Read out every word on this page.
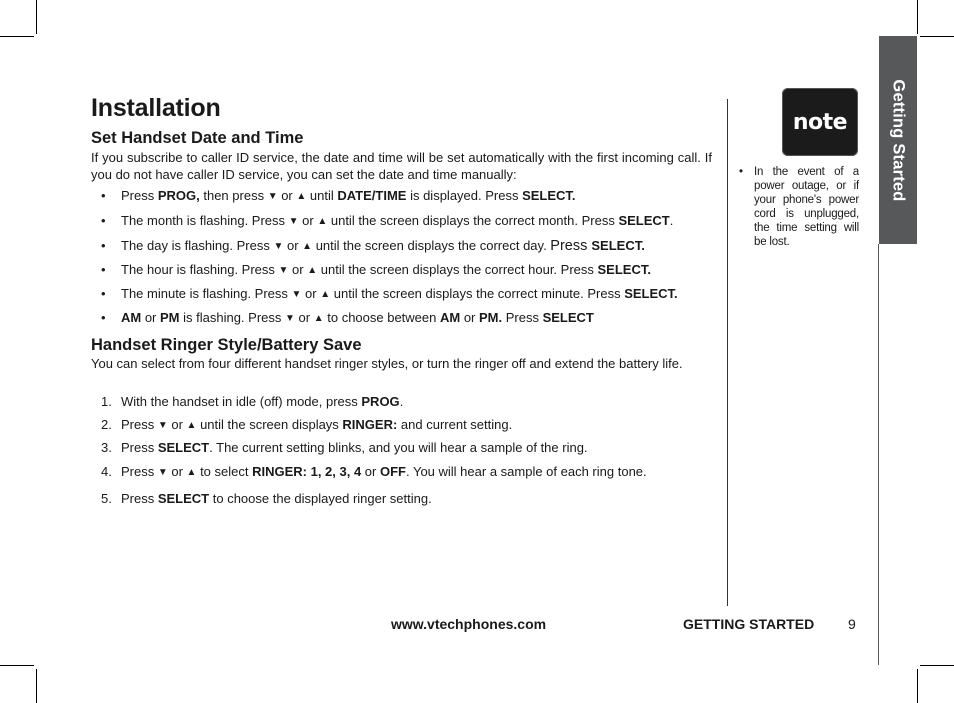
Installation
Set Handset Date and Time

If you subscribe to caller ID service, the date and time will be set automatically with the first incoming call. If you do not have caller ID service, you can set the date and time manually:

• Press PROG, then press ▼ or ▲ until DATE/TIME is displayed. Press SELECT.
• The month is flashing. Press ▼ or ▲ until the screen displays the correct month. Press SELECT.
• The day is flashing. Press ▼ or ▲ until the screen displays the correct day. Press SELECT.
• The hour is flashing. Press ▼ or ▲ until the screen displays the correct hour. Press SELECT.
• The minute is flashing. Press ▼ or ▲ until the screen displays the correct minute. Press SELECT.
• AM or PM is flashing. Press ▼ or ▲ to choose between AM or PM. Press SELECT
Handset Ringer Style/Battery Save

You can select from four different handset ringer styles, or turn the ringer off and extend the battery life.

1. With the handset in idle (off) mode, press PROG.
2. Press ▼ or ▲ until the screen displays RINGER: and current setting.
3. Press SELECT. The current setting blinks, and you will hear a sample of the ring.
4. Press ▼ or ▲ to select RINGER: 1, 2, 3, 4 or OFF. You will hear a sample of each ring tone.
5. Press SELECT to choose the displayed ringer setting.
note
• In the event of a power outage, or if your phone's power cord is unplugged, the time setting will be lost.
Getting Started
www.vtechphones.com	GETTING STARTED 9
